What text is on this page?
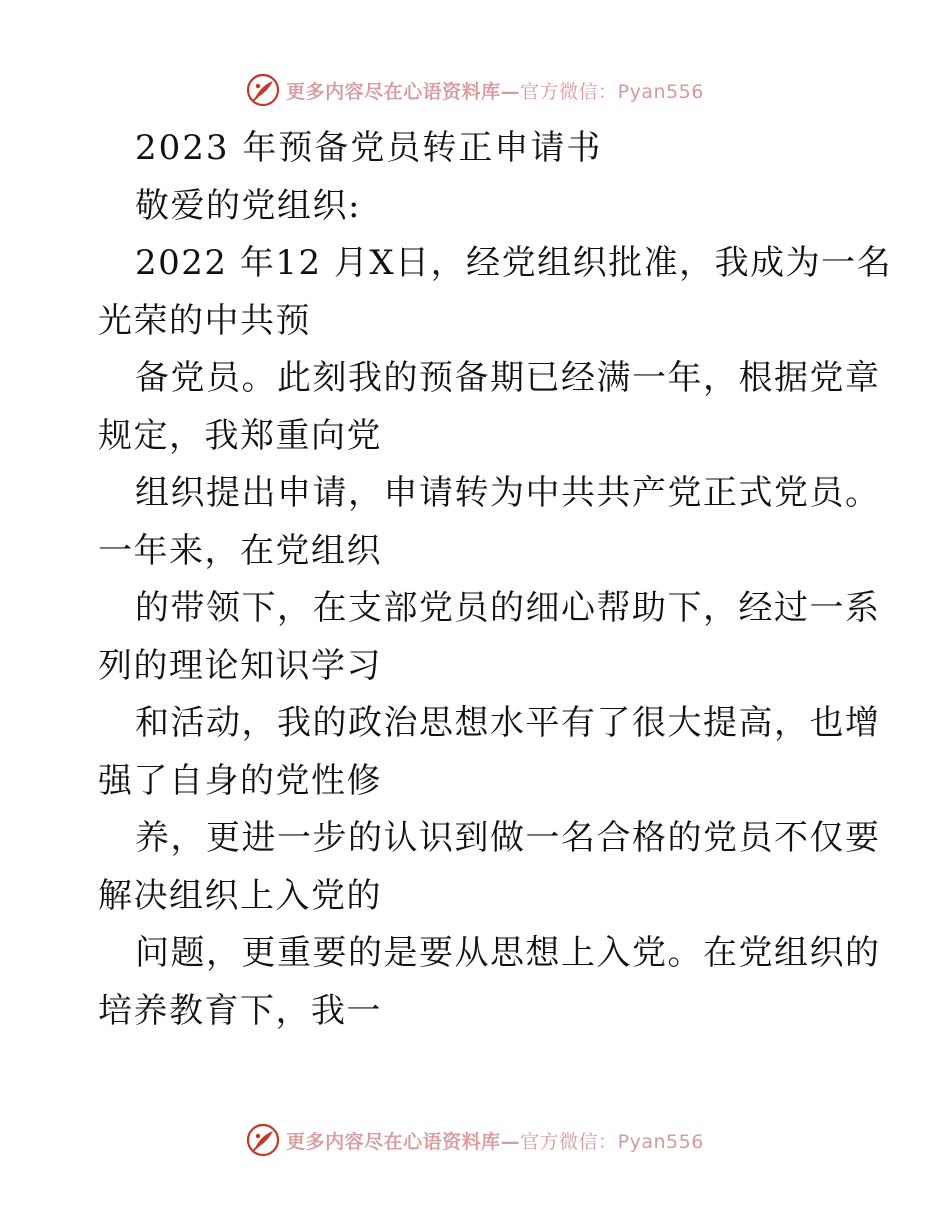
更多内容尽在心语资料库—官方微信：Pyan556
2023 年预备党员转正申请书
敬爱的党组织:
2022 年12 月X日，经党组织批准，我成为一名
光荣的中共预
备党员。此刻我的预备期已经满一年，根据党章
规定，我郑重向党
组织提出申请，申请转为中共共产党正式党员。
一年来，在党组织
的带领下，在支部党员的细心帮助下，经过一系
列的理论知识学习
和活动，我的政治思想水平有了很大提高，也增
强了自身的党性修
养，更进一步的认识到做一名合格的党员不仅要
解决组织上入党的
问题，更重要的是要从思想上入党。在党组织的
培养教育下，我一
更多内容尽在心语资料库—官方微信：Pyan556
